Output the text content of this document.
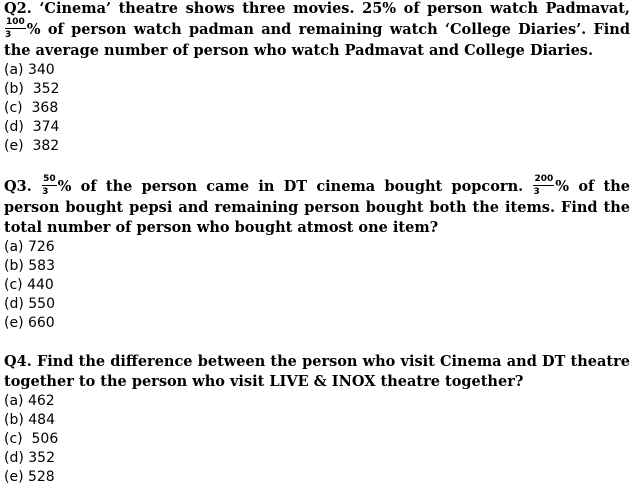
Q2. ‘Cinema’ theatre shows three movies. 25% of person watch Padmavat,
$\frac{100}{3}$ % of person watch padman and remaining watch ‘College Diaries’. Find the average number of person who watch Padmavat and College Diaries.
(a) 340
(b)  352
(c)  368
(d)  374
(e)  382
Q3. $\frac{50}{3}$ % of the person came in DT cinema bought popcorn. $\frac{200}{3}$ % of the person bought pepsi and remaining person bought both the items. Find the total number of person who bought atmost one item?
(a) 726
(b) 583
(c) 440
(d) 550
(e) 660
Q4. Find the difference between the person who visit Cinema and DT theatre together to the person who visit LIVE & INOX theatre together?
(a) 462
(b) 484
(c)  506
(d) 352
(e) 528
